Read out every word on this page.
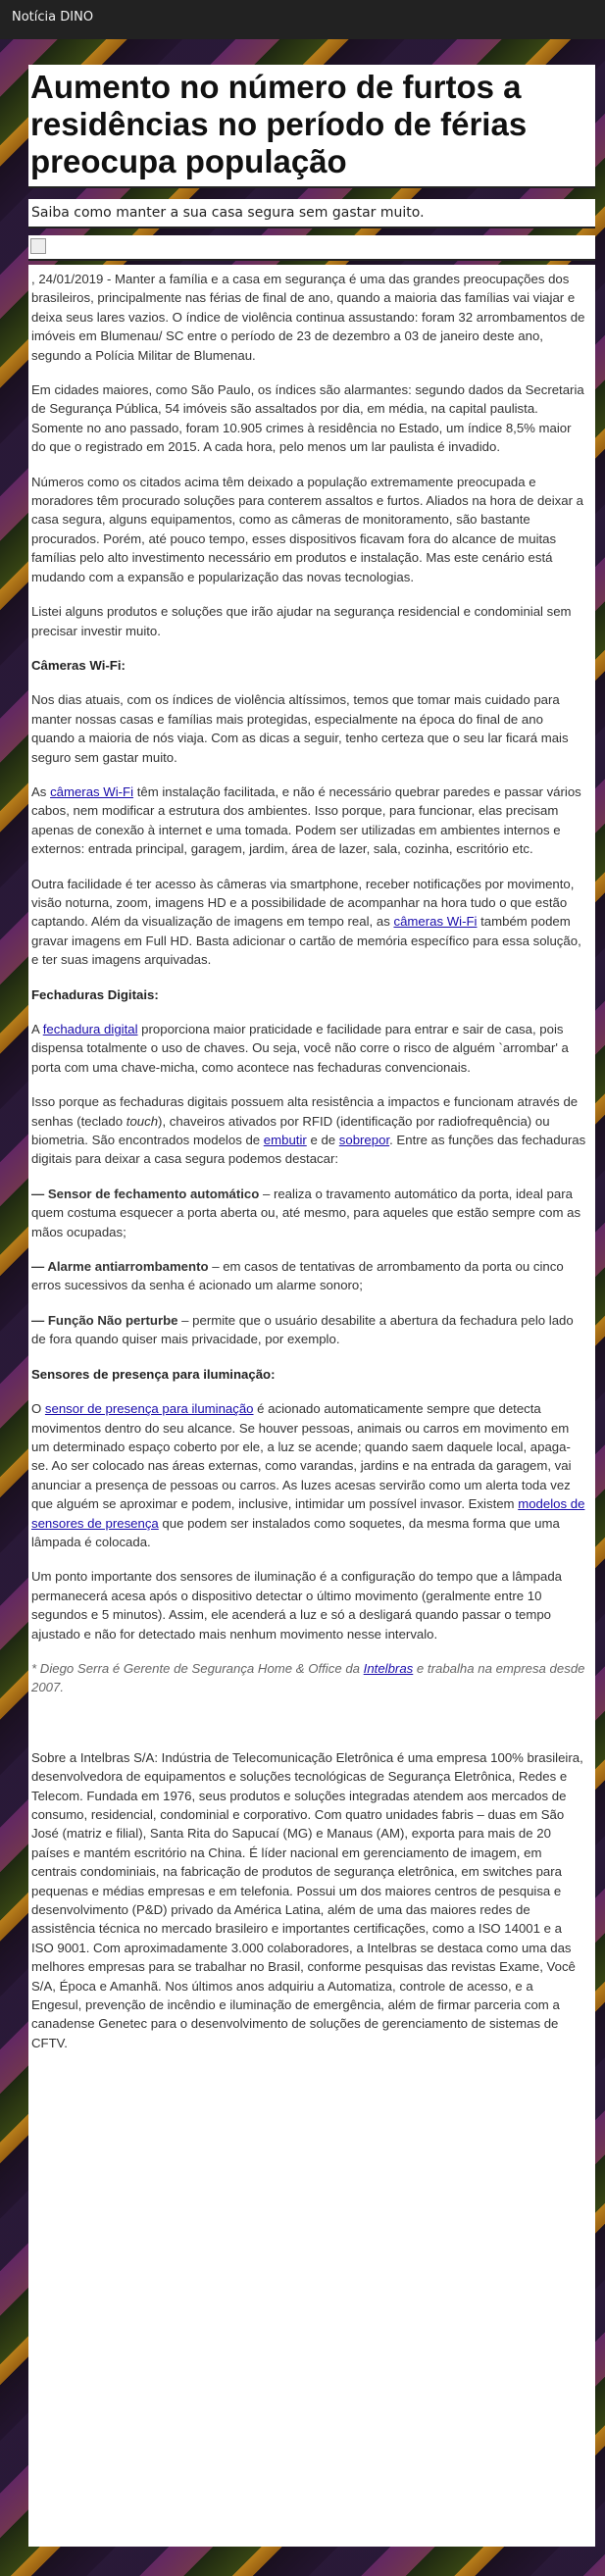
Notícia DINO
Aumento no número de furtos a residências no período de férias preocupa população

Saiba como manter a sua casa segura sem gastar muito.

, 24/01/2019 - Manter a família e a casa em segurança é uma das grandes preocupações dos brasileiros, principalmente nas férias de final de ano, quando a maioria das famílias vai viajar e deixa seus lares vazios. O índice de violência continua assustando: foram 32 arrombamentos de imóveis em Blumenau/ SC entre o período de 23 de dezembro a 03 de janeiro deste ano, segundo a Polícia Militar de Blumenau.

Em cidades maiores, como São Paulo, os índices são alarmantes: segundo dados da Secretaria de Segurança Pública, 54 imóveis são assaltados por dia, em média, na capital paulista. Somente no ano passado, foram 10.905 crimes à residência no Estado, um índice 8,5% maior do que o registrado em 2015. A cada hora, pelo menos um lar paulista é invadido.

Números como os citados acima têm deixado a população extremamente preocupada e moradores têm procurado soluções para conterem assaltos e furtos. Aliados na hora de deixar a casa segura, alguns equipamentos, como as câmeras de monitoramento, são bastante procurados. Porém, até pouco tempo, esses dispositivos ficavam fora do alcance de muitas famílias pelo alto investimento necessário em produtos e instalação. Mas este cenário está mudando com a expansão e popularização das novas tecnologias.

Listei alguns produtos e soluções que irão ajudar na segurança residencial e condominial sem precisar investir muito.

Câmeras Wi-Fi:

Nos dias atuais, com os índices de violência altíssimos, temos que tomar mais cuidado para manter nossas casas e famílias mais protegidas, especialmente na época do final de ano quando a maioria de nós viaja. Com as dicas a seguir, tenho certeza que o seu lar ficará mais seguro sem gastar muito.

As câmeras Wi-Fi têm instalação facilitada, e não é necessário quebrar paredes e passar vários cabos, nem modificar a estrutura dos ambientes. Isso porque, para funcionar, elas precisam apenas de conexão à internet e uma tomada. Podem ser utilizadas em ambientes internos e externos: entrada principal, garagem, jardim, área de lazer, sala, cozinha, escritório etc.

Outra facilidade é ter acesso às câmeras via smartphone, receber notificações por movimento, visão noturna, zoom, imagens HD e a possibilidade de acompanhar na hora tudo o que estão captando. Além da visualização de imagens em tempo real, as câmeras Wi-Fi também podem gravar imagens em Full HD. Basta adicionar o cartão de memória específico para essa solução, e ter suas imagens arquivadas.

Fechaduras Digitais:

A fechadura digital proporciona maior praticidade e facilidade para entrar e sair de casa, pois dispensa totalmente o uso de chaves. Ou seja, você não corre o risco de alguém `arrombar' a porta com uma chave-micha, como acontece nas fechaduras convencionais.

Isso porque as fechaduras digitais possuem alta resistência a impactos e funcionam através de senhas (teclado touch), chaveiros ativados por RFID (identificação por radiofrequência) ou biometria. São encontrados modelos de embutir e de sobrepor. Entre as funções das fechaduras digitais para deixar a casa segura podemos destacar:

— Sensor de fechamento automático – realiza o travamento automático da porta, ideal para quem costuma esquecer a porta aberta ou, até mesmo, para aqueles que estão sempre com as mãos ocupadas;

— Alarme antiarrombamento – em casos de tentativas de arrombamento da porta ou cinco erros sucessivos da senha é acionado um alarme sonoro;

— Função Não perturbe – permite que o usuário desabilite a abertura da fechadura pelo lado de fora quando quiser mais privacidade, por exemplo.

Sensores de presença para iluminação:

O sensor de presença para iluminação é acionado automaticamente sempre que detecta movimentos dentro do seu alcance. Se houver pessoas, animais ou carros em movimento em um determinado espaço coberto por ele, a luz se acende; quando saem daquele local, apaga-se. Ao ser colocado nas áreas externas, como varandas, jardins e na entrada da garagem, vai anunciar a presença de pessoas ou carros. As luzes acesas servirão como um alerta toda vez que alguém se aproximar e podem, inclusive, intimidar um possível invasor. Existem modelos de sensores de presença que podem ser instalados como soquetes, da mesma forma que uma lâmpada é colocada.

Um ponto importante dos sensores de iluminação é a configuração do tempo que a lâmpada permanecerá acesa após o dispositivo detectar o último movimento (geralmente entre 10 segundos e 5 minutos). Assim, ele acenderá a luz e só a desligará quando passar o tempo ajustado e não for detectado mais nenhum movimento nesse intervalo.

* Diego Serra é Gerente de Segurança Home & Office da Intelbras e trabalha na empresa desde 2007.

Sobre a Intelbras S/A: Indústria de Telecomunicação Eletrônica é uma empresa 100% brasileira, desenvolvedora de equipamentos e soluções tecnológicas de Segurança Eletrônica, Redes e Telecom. Fundada em 1976, seus produtos e soluções integradas atendem aos mercados de consumo, residencial, condominial e corporativo. Com quatro unidades fabris – duas em São José (matriz e filial), Santa Rita do Sapucaí (MG) e Manaus (AM), exporta para mais de 20 países e mantém escritório na China. É líder nacional em gerenciamento de imagem, em centrais condominiais, na fabricação de produtos de segurança eletrônica, em switches para pequenas e médias empresas e em telefonia. Possui um dos maiores centros de pesquisa e desenvolvimento (P&D) privado da América Latina, além de uma das maiores redes de assistência técnica no mercado brasileiro e importantes certificações, como a ISO 14001 e a ISO 9001. Com aproximadamente 3.000 colaboradores, a Intelbras se destaca como uma das melhores empresas para se trabalhar no Brasil, conforme pesquisas das revistas Exame, Você S/A, Época e Amanhã. Nos últimos anos adquiriu a Automatiza, controle de acesso, e a Engesul, prevenção de incêndio e iluminação de emergência, além de firmar parceria com a canadense Genetec para o desenvolvimento de soluções de gerenciamento de sistemas de CFTV.
